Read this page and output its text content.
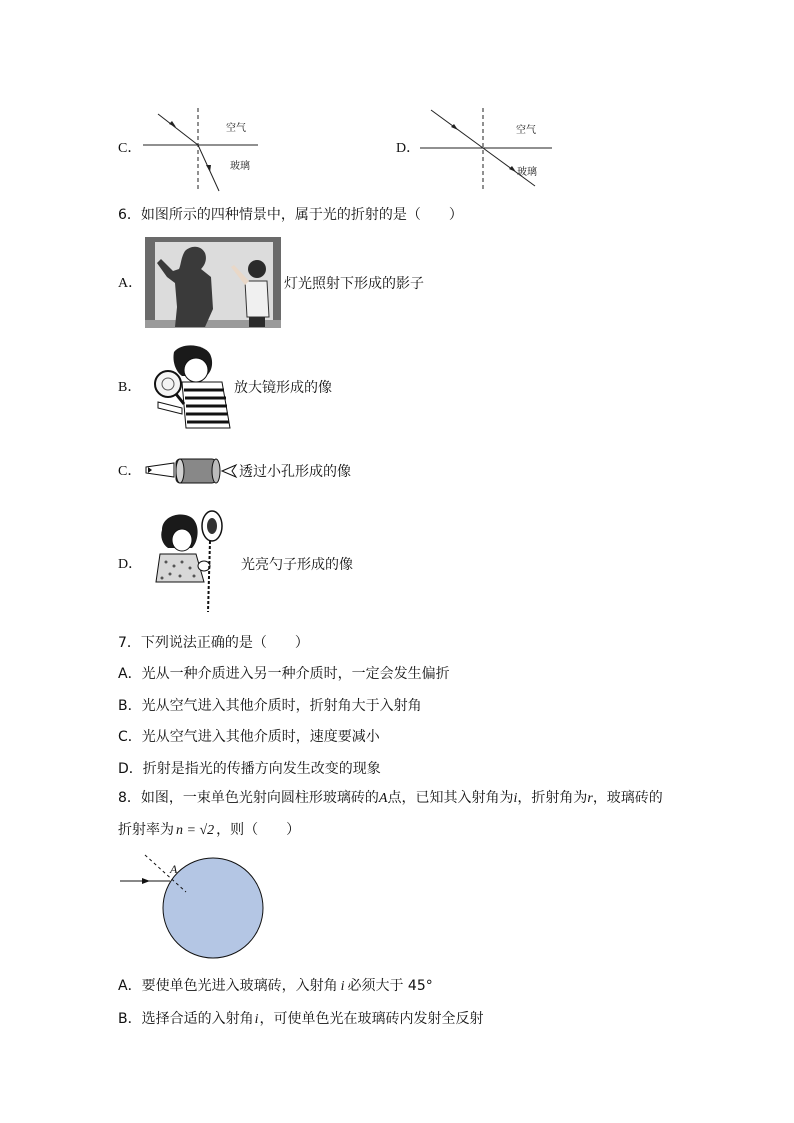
C．
空气
玻璃
D．
空气
玻璃
6．如图所示的四种情景中，属于光的折射的是（　　）
A．	灯光照射下形成的影子
B．	放大镜形成的像
C．	透过小孔形成的像
D．	光亮勺子形成的像
7．下列说法正确的是（　　）
A．光从一种介质进入另一种介质时，一定会发生偏折
B．光从空气进入其他介质时，折射角大于入射角
C．光从空气进入其他介质时，速度要减小
D．折射是指光的传播方向发生改变的现象
8．如图，一束单色光射向圆柱形玻璃砖的A点，已知其入射角为i，折射角为r，玻璃砖的
折射率为 n = √2 ，则（　　）
A
A．要使单色光进入玻璃砖，入射角 i 必须大于 45°
B．选择合适的入射角i，可使单色光在玻璃砖内发射全反射
